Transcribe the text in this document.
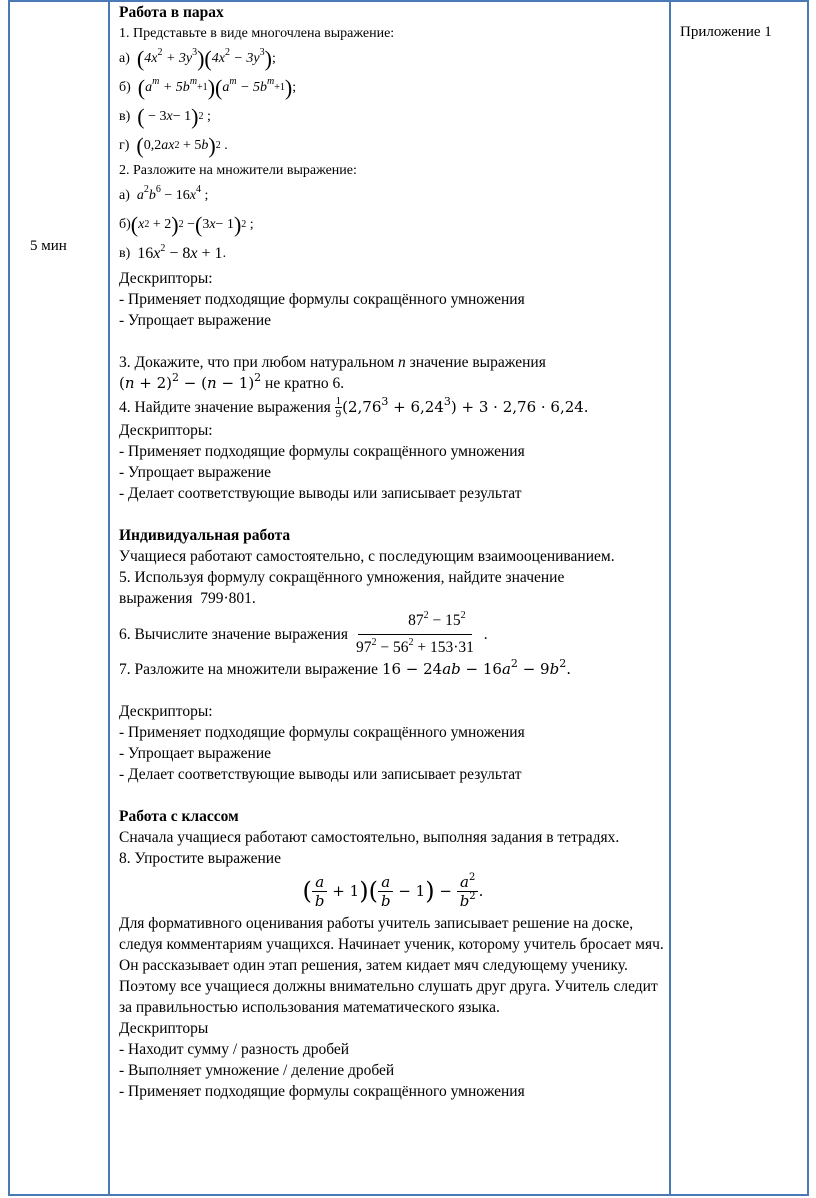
5 мин
Приложение 1
Работа в парах
1. Представьте в виде многочлена выражение:
а)
( $4x^2 + 3y^3$ )( $4x^2 - 3y^3$ ) ;
б)
( $a^m + 5b^m$
+1 )( $a^m - 5b^m$
+1 ) ;
в)
( − 3 x − 1 ) 2 ;
г)
( 0,2 ax 2 + 5 b ) 2 .
2. Разложите на множители выражение:
а)
$a^2b^6 - 16$ $x^4$ ;
б) ( x 2 + 2 ) 2 − ( 3 x − 1 ) 2 ;
в)
$16x^2 - 8x + 1$ .
Дескрипторы:
- Применяет подходящие формулы сокращённого умножения
- Упрощает выражение
3. Докажите, что при любом натуральном n значение выражения
$(n + 2)^2 - (n - 1)^2$ не кратно 6.
4. Найдите значение выражения
$\frac{1}{9} (2,76^3 + 6,24^3) + 3 \cdot 2,76 \cdot 6,24$.
Дескрипторы:
- Применяет подходящие формулы сокращённого умножения
- Упрощает выражение
- Делает соответствующие выводы или записывает результат
Индивидуальная работа
Учащиеся работают самостоятельно, с последующим взаимооцениванием.
5. Используя формулу сокращённого умножения, найдите значение выражения 799·801.
6. Вычислите значение выражения $\frac{87^2 - 15^2}{97^2 - 56^2 + 153\cdot 31}$ .
7. Разложите на множители выражение $16 - 24ab - 16a^2 - 9b^2$.
Дескрипторы:
- Применяет подходящие формулы сокращённого умножения
- Упрощает выражение
- Делает соответствующие выводы или записывает результат
Работа с классом
Сначала учащиеся работают самостоятельно, выполняя задания в тетрадях.
8. Упростите выражение
( $\frac{a}{b} + 1$ ) ( $\frac{a}{b} - 1$ ) − $\frac{a^2}{b^2}$ .
Для формативного оценивания работы учитель записывает решение на доске, следуя комментариям учащихся. Начинает ученик, которому учитель бросает мяч. Он рассказывает один этап решения, затем кидает мяч следующему ученику. Поэтому все учащиеся должны внимательно слушать друг друга. Учитель следит за правильностью использования математического языка.
Дескрипторы
- Находит сумму / разность дробей
- Выполняет умножение / деление дробей
- Применяет подходящие формулы сокращённого умножения
